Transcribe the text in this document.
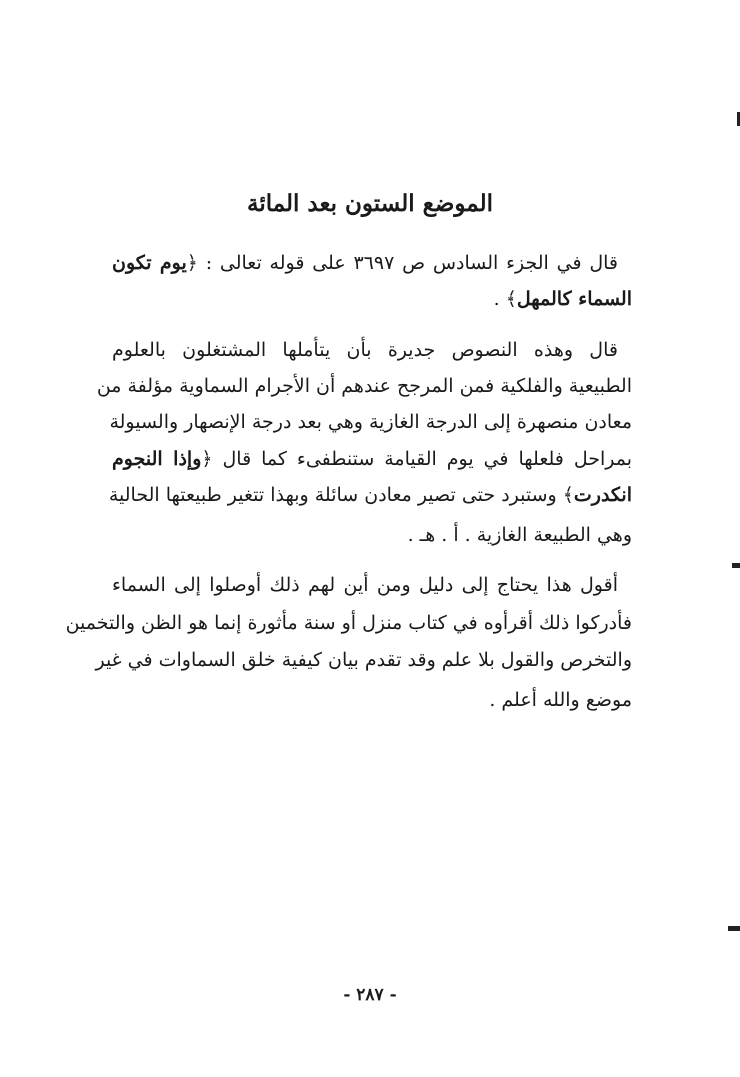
الموضع الستون بعد المائة
قال في الجزء السادس ص ٣٦٩٧ على قوله تعالى : ﴿يوم تكون
السماء كالمهل﴾ .
قال وهذه النصوص جديرة بأن يتأملها المشتغلون بالعلوم
الطبيعية والفلكية فمن المرجح عندهم أن الأجرام السماوية مؤلفة من
معادن منصهرة إلى الدرجة الغازية وهي بعد درجة الإنصهار والسيولة
بمراحل فلعلها في يوم القيامة ستنطفىء كما قال ﴿وإذا النجوم
انكدرت﴾ وستبرد حتى تصير معادن سائلة وبهذا تتغير طبيعتها الحالية
وهي الطبيعة الغازية . أ . هـ .
أقول هذا يحتاج إلى دليل ومن أين لهم ذلك أوصلوا إلى السماء
فأدركوا ذلك أقرأوه في كتاب منزل أو سنة مأثورة إنما هو الظن والتخمين
والتخرص والقول بلا علم وقد تقدم بيان كيفية خلق السماوات في غير
موضع والله أعلم .
- ٢٨٧ -
